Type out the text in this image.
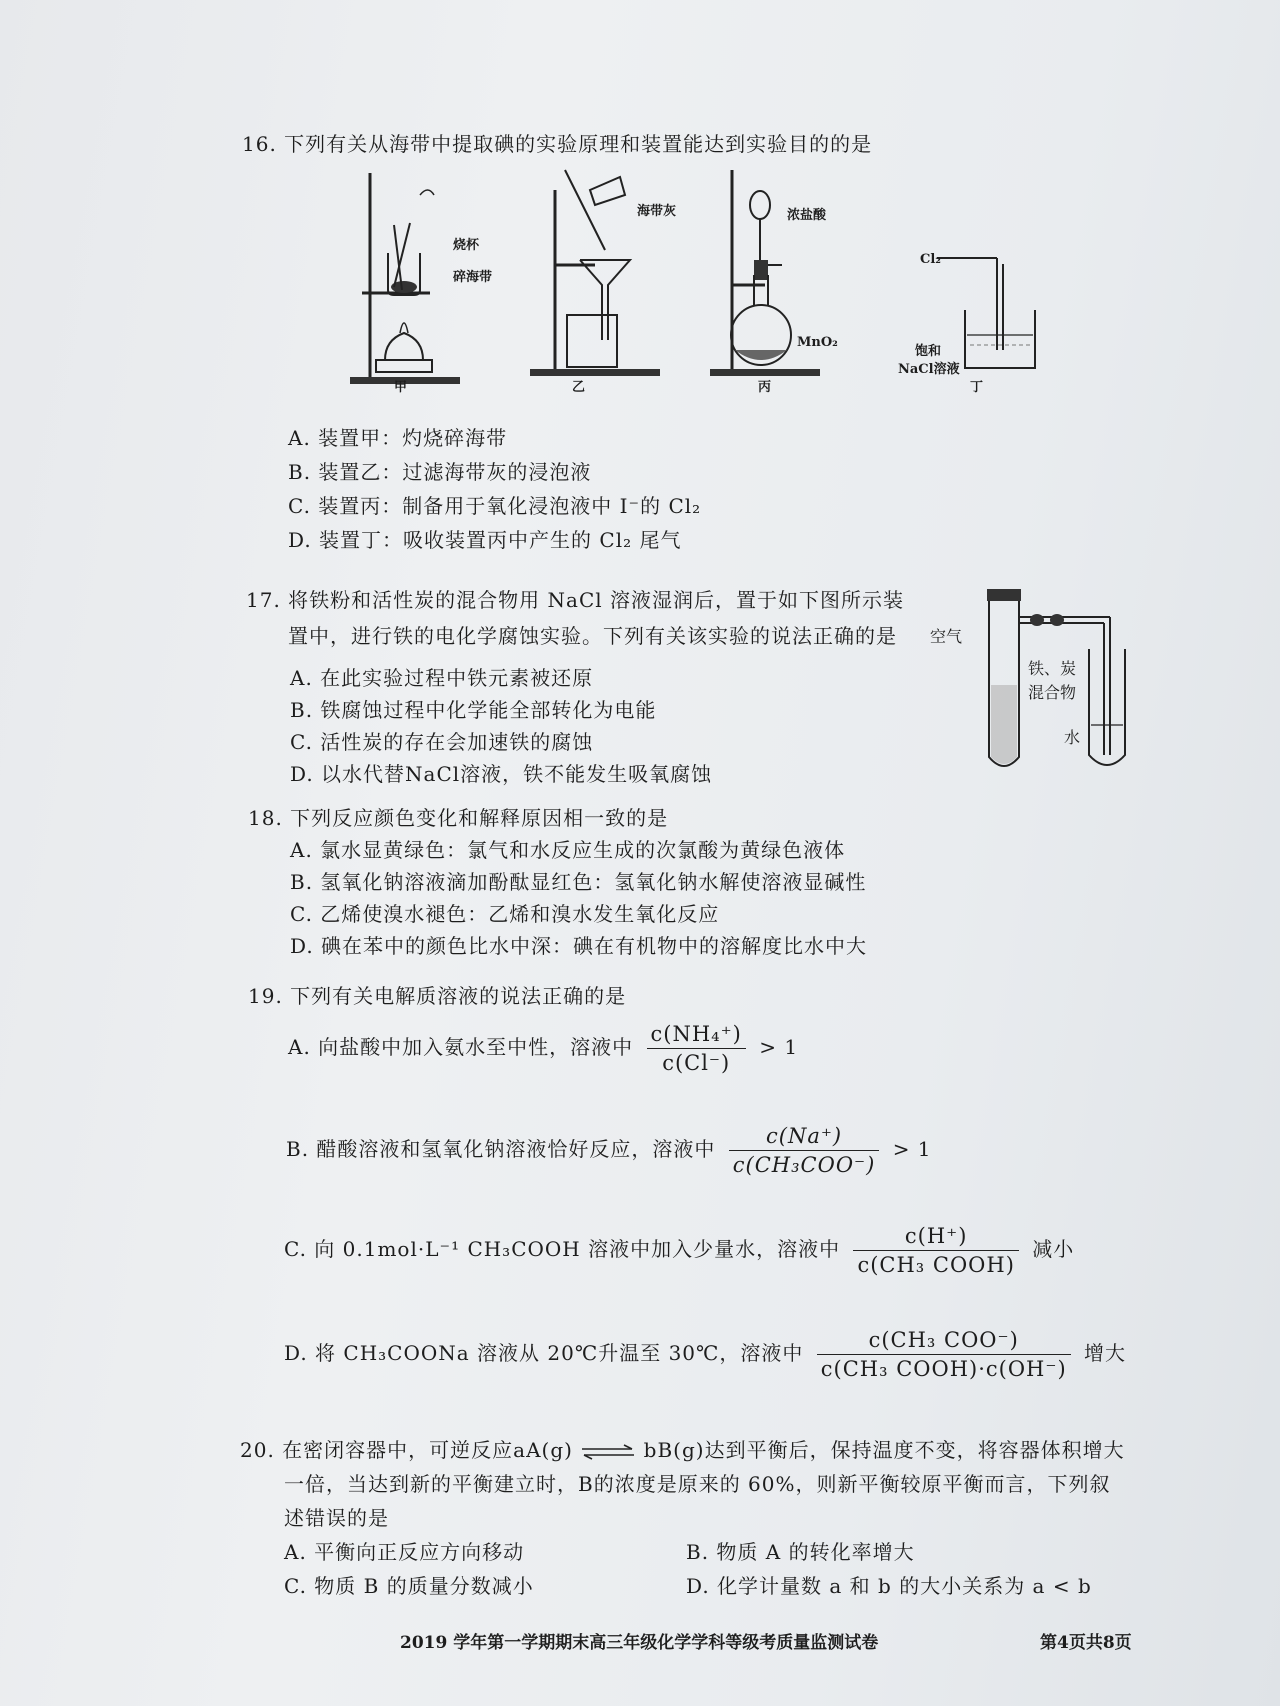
16. 下列有关从海带中提取碘的实验原理和装置能达到实验目的的是
烧杯
碎海带
甲
海带灰
乙
浓盐酸
MnO₂
丙
Cl₂
饱和
NaCl溶液
丁
A. 装置甲：灼烧碎海带
B. 装置乙：过滤海带灰的浸泡液
C. 装置丙：制备用于氧化浸泡液中 I⁻的 Cl₂
D. 装置丁：吸收装置丙中产生的 Cl₂ 尾气
17. 将铁粉和活性炭的混合物用 NaCl 溶液湿润后，置于如下图所示装
置中，进行铁的电化学腐蚀实验。下列有关该实验的说法正确的是 空气
铁、炭
混合物
水
A. 在此实验过程中铁元素被还原
B. 铁腐蚀过程中化学能全部转化为电能
C. 活性炭的存在会加速铁的腐蚀
D. 以水代替NaCl溶液，铁不能发生吸氧腐蚀
18. 下列反应颜色变化和解释原因相一致的是
A. 氯水显黄绿色：氯气和水反应生成的次氯酸为黄绿色液体
B. 氢氧化钠溶液滴加酚酞显红色：氢氧化钠水解使溶液显碱性
C. 乙烯使溴水褪色：乙烯和溴水发生氧化反应
D. 碘在苯中的颜色比水中深：碘在有机物中的溶解度比水中大
19. 下列有关电解质溶液的说法正确的是
A. 向盐酸中加入氨水至中性，溶液中 $\frac{\text{c(NH₄⁺)}}{c(Cl^-)} > 1$
B. 醋酸溶液和氢氧化钠溶液恰好反应，溶液中 $\frac{c(Na^+)}{\text{c(CH₃COO⁻)}} > 1$
C. 向 0.1mol·L⁻¹ CH₃COOH 溶液中加入少量水，溶液中 $\frac{c(H^+)}{\text{c(CH₃ COOH)}}$ 减小
D. 将 CH₃COONa 溶液从 20℃升温至 30℃，溶液中 $\frac{\text{c(CH₃ COO⁻)}}{\text{c(CH₃ COOH)·c(OH⁻)}}$ 增大
20. 在密闭容器中，可逆反应aA(g) ⇌ bB(g)达到平衡后，保持温度不变，将容器体积增大
一倍，当达到新的平衡建立时，B的浓度是原来的 60%，则新平衡较原平衡而言，下列叙
述错误的是
A. 平衡向正反应方向移动	B. 物质 A 的转化率增大
C. 物质 B 的质量分数减小	D. 化学计量数 a 和 b 的大小关系为 a < b
2019 学年第一学期期末高三年级化学学科等级考质量监测试卷	第4页共8页
